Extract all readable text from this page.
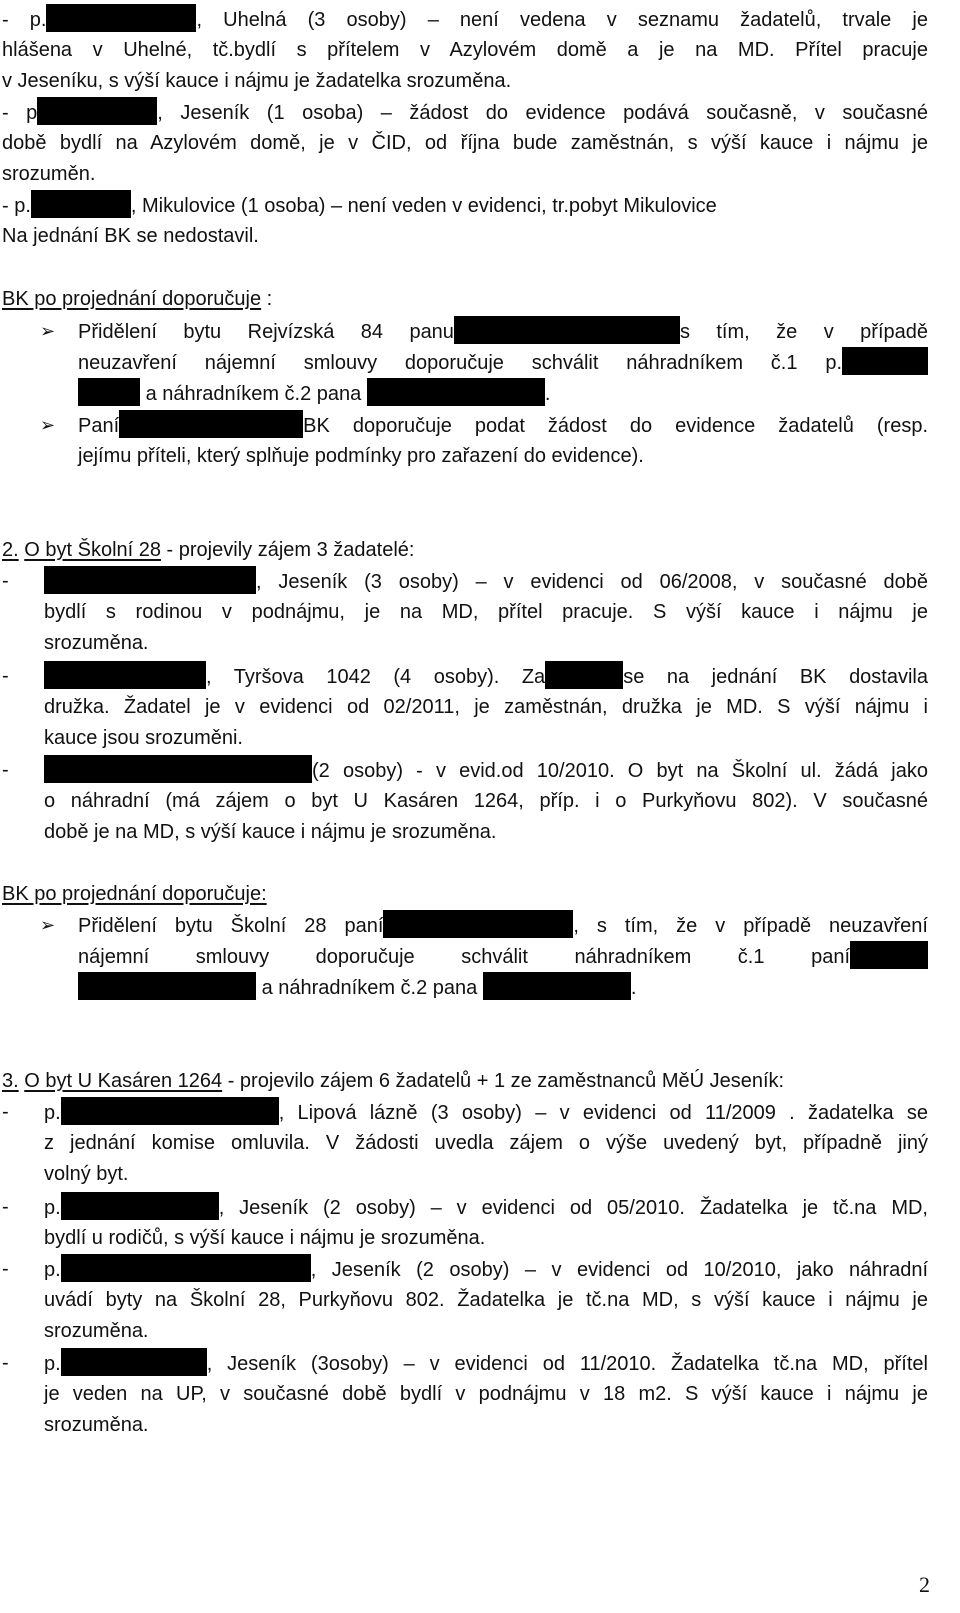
- p.	, Uhelná (3 osoby) – není vedena v seznamu žadatelů, trvale je
hlášena v Uhelné, tč.bydlí s přítelem v Azylovém domě a je na MD. Přítel pracuje
v Jeseníku, s výší kauce i nájmu je žadatelka srozuměna.
- p	, Jeseník (1 osoba) – žádost do evidence podává současně, v současné
době bydlí na Azylovém domě, je v ČID, od října bude zaměstnán, s výší kauce i nájmu je
srozuměn.
- p.	, Mikulovice (1 osoba) – není veden v evidenci, tr.pobyt Mikulovice
Na jednání BK se nedostavil.
BK po projednání doporučuje :
➢	Přidělení bytu Rejvízská 84 panu	s tím, že v případě
neuzavření nájemní smlouvy doporučuje schválit náhradníkem č.1 p.
a náhradníkem č.2 pana	.
➢	Paní	BK doporučuje podat žádost do evidence žadatelů (resp.
jejímu příteli, který splňuje podmínky pro zařazení do evidence).
2. O byt Školní 28 - projevily zájem 3 žadatelé:
-	, Jeseník (3 osoby) – v evidenci od 06/2008, v současné době
bydlí s rodinou v podnájmu, je na MD, přítel pracuje. S výší kauce i nájmu je
srozuměna.
-	, Tyršova 1042 (4 osoby). Za	se na jednání BK dostavila
družka. Žadatel je v evidenci od 02/2011, je zaměstnán, družka je MD. S výší nájmu i
kauce jsou srozuměni.
-	(2 osoby) - v evid.od 10/2010. O byt na Školní ul. žádá jako
o náhradní (má zájem o byt U Kasáren 1264, příp. i o Purkyňovu 802). V současné
době je na MD, s výší kauce i nájmu je srozuměna.
BK po projednání doporučuje:
➢	Přidělení bytu Školní 28 paní	, s tím, že v případě neuzavření
nájemní smlouvy doporučuje schválit náhradníkem č.1 paní
a náhradníkem č.2 pana	.
3. O byt U Kasáren 1264 - projevilo zájem 6 žadatelů + 1 ze zaměstnanců MěÚ Jeseník:
-	p.	, Lipová lázně (3 osoby) – v evidenci od 11/2009 . žadatelka se
z jednání komise omluvila. V žádosti uvedla zájem o výše uvedený byt, případně jiný
volný byt.
-	p.	, Jeseník (2 osoby) – v evidenci od 05/2010. Žadatelka je tč.na MD,
bydlí u rodičů, s výší kauce i nájmu je srozuměna.
-	p.	, Jeseník (2 osoby) – v evidenci od 10/2010, jako náhradní
uvádí byty na Školní 28, Purkyňovu 802. Žadatelka je tč.na MD, s výší kauce i nájmu je
srozuměna.
-	p.	, Jeseník (3osoby) – v evidenci od 11/2010. Žadatelka tč.na MD, přítel
je veden na UP, v současné době bydlí v podnájmu v 18 m2. S výší kauce i nájmu je
srozuměna.
2
